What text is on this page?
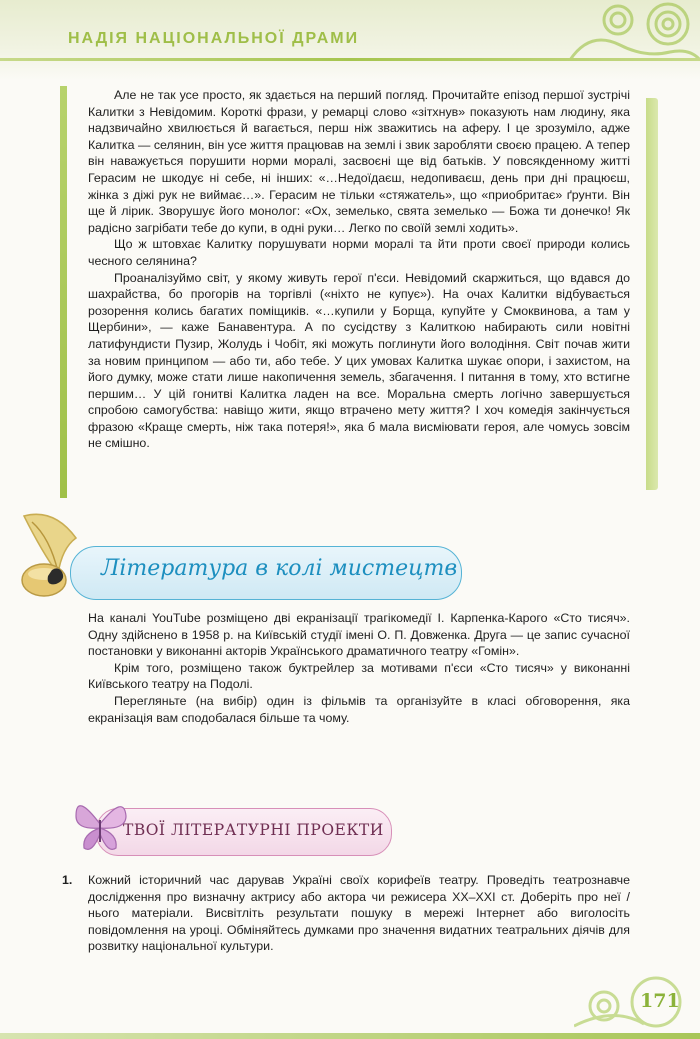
НАДІЯ НАЦІОНАЛЬНОЇ ДРАМИ

Але не так усе просто, як здається на перший погляд. Прочитайте епізод першої зустрічі Калитки з Невідомим. Короткі фрази, у ремарці слово «зітхнув» показують нам людину, яка надзвичайно хвилюється й вагається, перш ніж зважитись на аферу. І це зрозуміло, адже Калитка — селянин, він усе життя працював на землі і звик заробляти своєю працею. А тепер він наважується порушити норми моралі, засвоєні ще від батьків. У повсякденному житті Герасим не шкодує ні себе, ні інших: «…Недоїдаєш, недопиваєш, день при дні працюєш, жінка з діжі рук не виймає…». Герасим не тільки «стяжатель», що «приобритає» ґрунти. Він ще й лірик. Зворушує його монолог: «Ох, земелько, свята земелько — Божа ти донечко! Як радісно загрібати тебе до купи, в одні руки… Легко по своїй землі ходить».

Що ж штовхає Калитку порушувати норми моралі та йти проти своєї природи колись чесного селянина?

Проаналізуймо світ, у якому живуть герої п'єси. Невідомий скаржиться, що вдався до шахрайства, бо прогорів на торгівлі («ніхто не купує»). На очах Калитки відбувається розорення колись багатих поміщиків. «…купили у Борща, купуйте у Смоквинова, а там у Щербини», — каже Банавентура. А по сусідству з Калиткою набирають сили новітні латифундисти Пузир, Жолудь і Чобіт, які можуть поглинути його володіння. Світ почав жити за новим принципом — або ти, або тебе. У цих умовах Калитка шукає опори, і захистом, на його думку, може стати лише накопичення земель, збагачення. І питання в тому, хто встигне першим… У цій гонитві Калитка ладен на все. Моральна смерть логічно завершується спробою самогубства: навіщо жити, якщо втрачено мету життя? І хоч комедія закінчується фразою «Краще смерть, ніж така потеря!», яка б мала висміювати героя, але чомусь зовсім не смішно.

Література в колі мистецтв

На каналі YouTube розміщено дві екранізації трагікомедії І. Карпенка-Карого «Сто тисяч». Одну здійснено в 1958 р. на Київській студії імені О. П. Довженка. Друга — це запис сучасної постановки у виконанні акторів Українського драматичного театру «Гомін».

Крім того, розміщено також буктрейлер за мотивами п'єси «Сто тисяч» у виконанні Київського театру на Подолі.

Перегляньте (на вибір) один із фільмів та організуйте в класі обговорення, яка екранізація вам сподобалася більше та чому.

ТВОЇ ЛІТЕРАТУРНІ ПРОЕКТИ
1. Кожний історичний час дарував Україні своїх корифеїв театру. Проведіть театрознавче дослідження про визначну актрису або актора чи режисера XX–XXI ст. Доберіть про неї /нього матеріали. Висвітліть результати пошуку в мережі Інтернет або виголосіть повідомлення на уроці. Обміняйтесь думками про значення видатних театральних діячів для розвитку національної культури.

171
